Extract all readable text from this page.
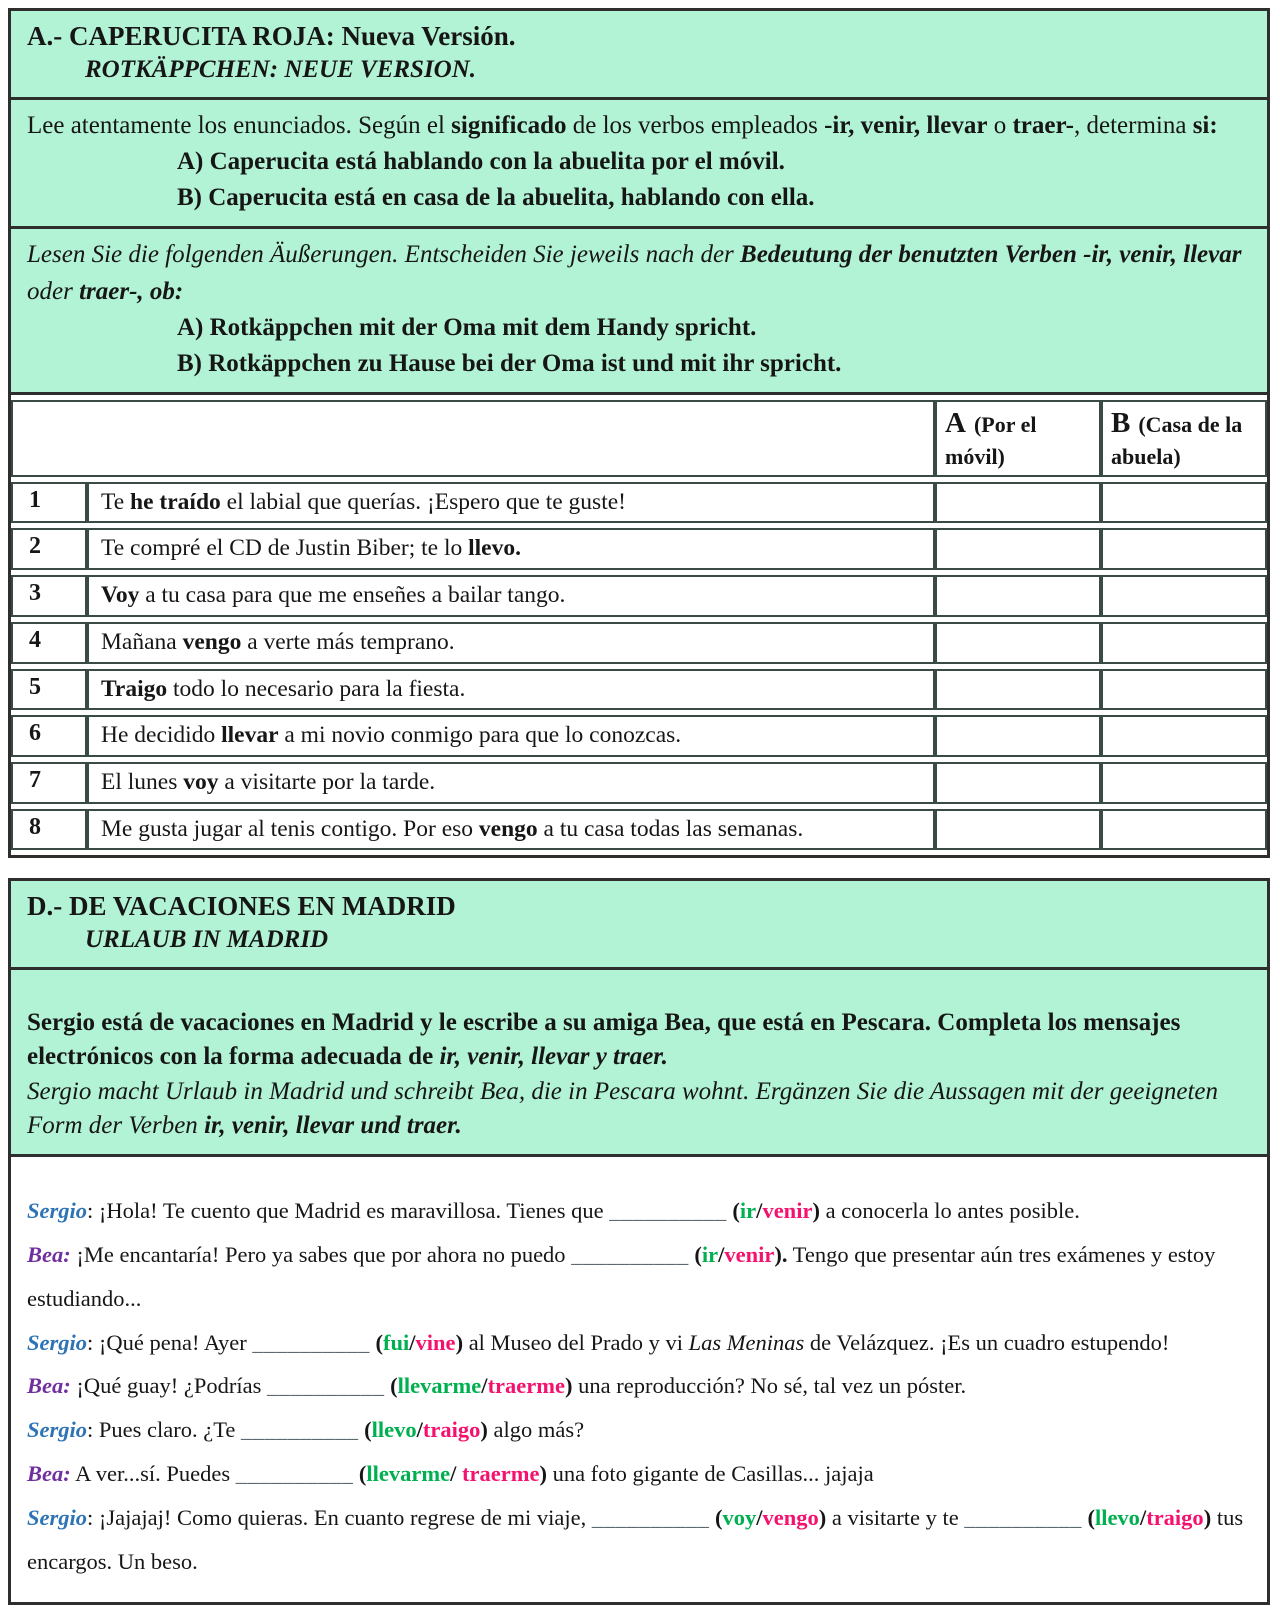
A.- CAPERUCITA ROJA: Nueva Versión.
ROTKÄPPCHEN: NEUE VERSION.
Lee atentamente los enunciados. Según el significado de los verbos empleados -ir, venir, llevar o traer-, determina si:
A) Caperucita está hablando con la abuelita por el móvil.
B) Caperucita está en casa de la abuelita, hablando con ella.
Lesen Sie die folgenden Äußerungen. Entscheiden Sie jeweils nach der Bedeutung der benutzten Verben -ir, venir, llevar oder traer-, ob:
A) Rotkäppchen mit der Oma mit dem Handy spricht.
B) Rotkäppchen zu Hause bei der Oma ist und mit ihr spricht.
		A (Por el móvil)	B (Casa de la abuela)
1	Te he traído el labial que querías. ¡Espero que te guste!		
2	Te compré el CD de Justin Biber; te lo llevo.		
3	Voy a tu casa para que me enseñes a bailar tango.		
4	Mañana vengo a verte más temprano.		
5	Traigo todo lo necesario para la fiesta.		
6	He decidido llevar a mi novio conmigo para que lo conozcas.		
7	El lunes voy a visitarte por la tarde.		
8	Me gusta jugar al tenis contigo. Por eso vengo a tu casa todas las semanas.		
D.- DE VACACIONES EN MADRID
URLAUB IN MADRID
Sergio está de vacaciones en Madrid y le escribe a su amiga Bea, que está en Pescara. Completa los mensajes electrónicos con la forma adecuada de ir, venir, llevar y traer.
Sergio macht Urlaub in Madrid und schreibt Bea, die in Pescara wohnt. Ergänzen Sie die Aussagen mit der geeigneten Form der Verben ir, venir, llevar und traer.

Sergio: ¡Hola! Te cuento que Madrid es maravillosa. Tienes que __________ (ir/venir) a conocerla lo antes posible.

Bea: ¡Me encantaría! Pero ya sabes que por ahora no puedo __________ (ir/venir). Tengo que presentar aún tres exámenes y estoy estudiando...

Sergio: ¡Qué pena! Ayer __________ (fui/vine) al Museo del Prado y vi Las Meninas de Velázquez. ¡Es un cuadro estupendo!

Bea: ¡Qué guay! ¿Podrías __________ (llevarme/traerme) una reproducción? No sé, tal vez un póster.

Sergio: Pues claro. ¿Te __________ (llevo/traigo) algo más?

Bea: A ver...sí. Puedes __________ (llevarme/ traerme) una foto gigante de Casillas... jajaja

Sergio: ¡Jajajaj! Como quieras. En cuanto regrese de mi viaje, __________ (voy/vengo) a visitarte y te __________ (llevo/traigo) tus encargos. Un beso.
